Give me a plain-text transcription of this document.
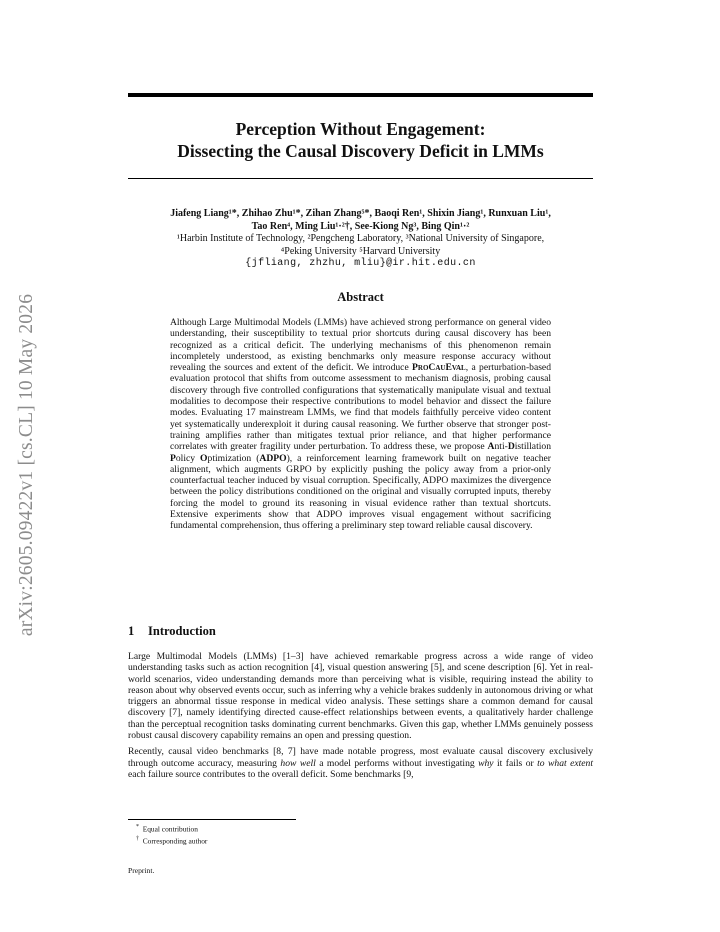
arXiv:2605.09422v1 [cs.CL] 10 May 2026
Perception Without Engagement:
Dissecting the Causal Discovery Deficit in LMMs
Jiafeng Liang¹*, Zhihao Zhu¹*, Zihan Zhang⁵*, Baoqi Ren¹, Shixin Jiang¹, Runxuan Liu¹,
Tao Ren⁴, Ming Liu¹·²†, See-Kiong Ng³, Bing Qin¹·²
¹Harbin Institute of Technology, ²Pengcheng Laboratory, ³National University of Singapore,
⁴Peking University ⁵Harvard University
{jfliang, zhzhu, mliu}@ir.hit.edu.cn
Abstract
Although Large Multimodal Models (LMMs) have achieved strong performance on general video understanding, their susceptibility to textual prior shortcuts during causal discovery has been recognized as a critical deficit. The underlying mechanisms of this phenomenon remain incompletely understood, as existing benchmarks only measure response accuracy without revealing the sources and extent of the deficit. We introduce ProCauEval, a perturbation-based evaluation protocol that shifts from outcome assessment to mechanism diagnosis, probing causal discovery through five controlled configurations that systematically manipulate visual and textual modalities to decompose their respective contributions to model behavior and dissect the failure modes. Evaluating 17 mainstream LMMs, we find that models faithfully perceive video content yet systematically underexploit it during causal reasoning. We further observe that stronger post-training amplifies rather than mitigates textual prior reliance, and that higher performance correlates with greater fragility under perturbation. To address these, we propose Anti-Distillation Policy Optimization (ADPO), a reinforcement learning framework built on negative teacher alignment, which augments GRPO by explicitly pushing the policy away from a prior-only counterfactual teacher induced by visual corruption. Specifically, ADPO maximizes the divergence between the policy distributions conditioned on the original and visually corrupted inputs, thereby forcing the model to ground its reasoning in visual evidence rather than textual shortcuts. Extensive experiments show that ADPO improves visual engagement without sacrificing fundamental comprehension, thus offering a preliminary step toward reliable causal discovery.
1 Introduction

Large Multimodal Models (LMMs) [1–3] have achieved remarkable progress across a wide range of video understanding tasks such as action recognition [4], visual question answering [5], and scene description [6]. Yet in real-world scenarios, video understanding demands more than perceiving what is visible, requiring instead the ability to reason about why observed events occur, such as inferring why a vehicle brakes suddenly in autonomous driving or what triggers an abnormal tissue response in medical video analysis. These settings share a common demand for causal discovery [7], namely identifying directed cause-effect relationships between events, a qualitatively harder challenge than the perceptual recognition tasks dominating current benchmarks. Given this gap, whether LMMs genuinely possess robust causal discovery capability remains an open and pressing question.

Recently, causal video benchmarks [8, 7] have made notable progress, most evaluate causal discovery exclusively through outcome accuracy, measuring how well a model performs without investigating why it fails or to what extent each failure source contributes to the overall deficit. Some benchmarks [9,

* Equal contribution
† Corresponding author
Preprint.
